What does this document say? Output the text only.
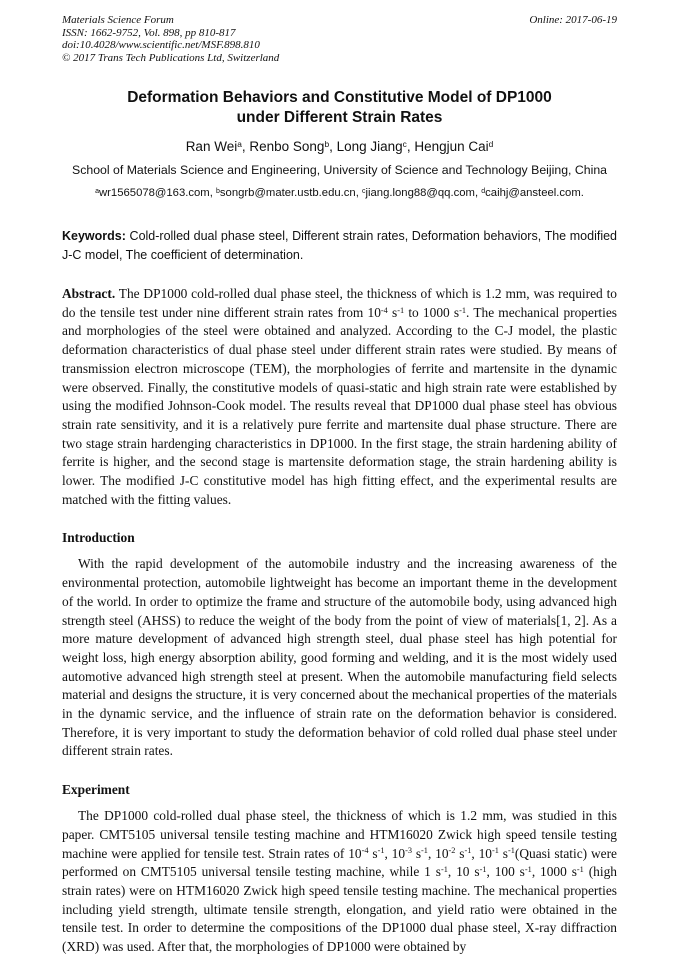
Materials Science Forum
ISSN: 1662-9752, Vol. 898, pp 810-817
doi:10.4028/www.scientific.net/MSF.898.810
© 2017 Trans Tech Publications Ltd, Switzerland
Online: 2017-06-19
Deformation Behaviors and Constitutive Model of DP1000
under Different Strain Rates

Ran Wei$^a$, Renbo Song$^b$, Long Jiang$^c$, Hengjun Cai$^d$

School of Materials Science and Engineering, University of Science and Technology Beijing, China

$^a$wr1565078@163.com, $^b$songrb@mater.ustb.edu.cn, $^c$jiang.long88@qq.com, $^d$caihj@ansteel.com.

Keywords: Cold-rolled dual phase steel, Different strain rates, Deformation behaviors, The modified J-C model, The coefficient of determination.

Abstract. The DP1000 cold-rolled dual phase steel, the thickness of which is 1.2 mm, was required to do the tensile test under nine different strain rates from $10^{-4}$ $s^{-1}$ to 1000 $s^{-1}$. The mechanical properties and morphologies of the steel were obtained and analyzed. According to the C-J model, the plastic deformation characteristics of dual phase steel under different strain rates were studied. By means of transmission electron microscope (TEM), the morphologies of ferrite and martensite in the dynamic were observed. Finally, the constitutive models of quasi-static and high strain rate were established by using the modified Johnson-Cook model. The results reveal that DP1000 dual phase steel has obvious strain rate sensitivity, and it is a relatively pure ferrite and martensite dual phase structure. There are two stage strain hardenging characteristics in DP1000. In the first stage, the strain hardening ability of ferrite is higher, and the second stage is martensite deformation stage, the strain hardening ability is lower. The modified J-C constitutive model has high fitting effect, and the experimental results are matched with the fitting values.

Introduction

With the rapid development of the automobile industry and the increasing awareness of the environmental protection, automobile lightweight has become an important theme in the development of the world. In order to optimize the frame and structure of the automobile body, using advanced high strength steel (AHSS) to reduce the weight of the body from the point of view of materials[1, 2]. As a more mature development of advanced high strength steel, dual phase steel has high potential for weight loss, high energy absorption ability, good forming and welding, and it is the most widely used automotive advanced high strength steel at present. When the automobile manufacturing field selects material and designs the structure, it is very concerned about the mechanical properties of the materials in the dynamic service, and the influence of strain rate on the deformation behavior is considered. Therefore, it is very important to study the deformation behavior of cold rolled dual phase steel under different strain rates.

Experiment

The DP1000 cold-rolled dual phase steel, the thickness of which is 1.2 mm, was studied in this paper. CMT5105 universal tensile testing machine and HTM16020 Zwick high speed tensile testing machine were applied for tensile test. Strain rates of $10^{-4}$ $s^{-1}$, $10^{-3}$ $s^{-1}$, $10^{-2}$ $s^{-1}$, $10^{-1}$ $s^{-1}(Quasi$ static) were performed on CMT5105 universal tensile testing machine, while 1 $s^{-1}$, 10 $s^{-1}$, 100 $s^{-1}$, 1000 $s^{-1}$ (high strain rates) were on HTM16020 Zwick high speed tensile testing machine. The mechanical properties including yield strength, ultimate tensile strength, elongation, and yield ratio were obtained in the tensile test. In order to determine the compositions of the DP1000 dual phase steel, X-ray diffraction (XRD) was used. After that, the morphologies of DP1000 were obtained by
